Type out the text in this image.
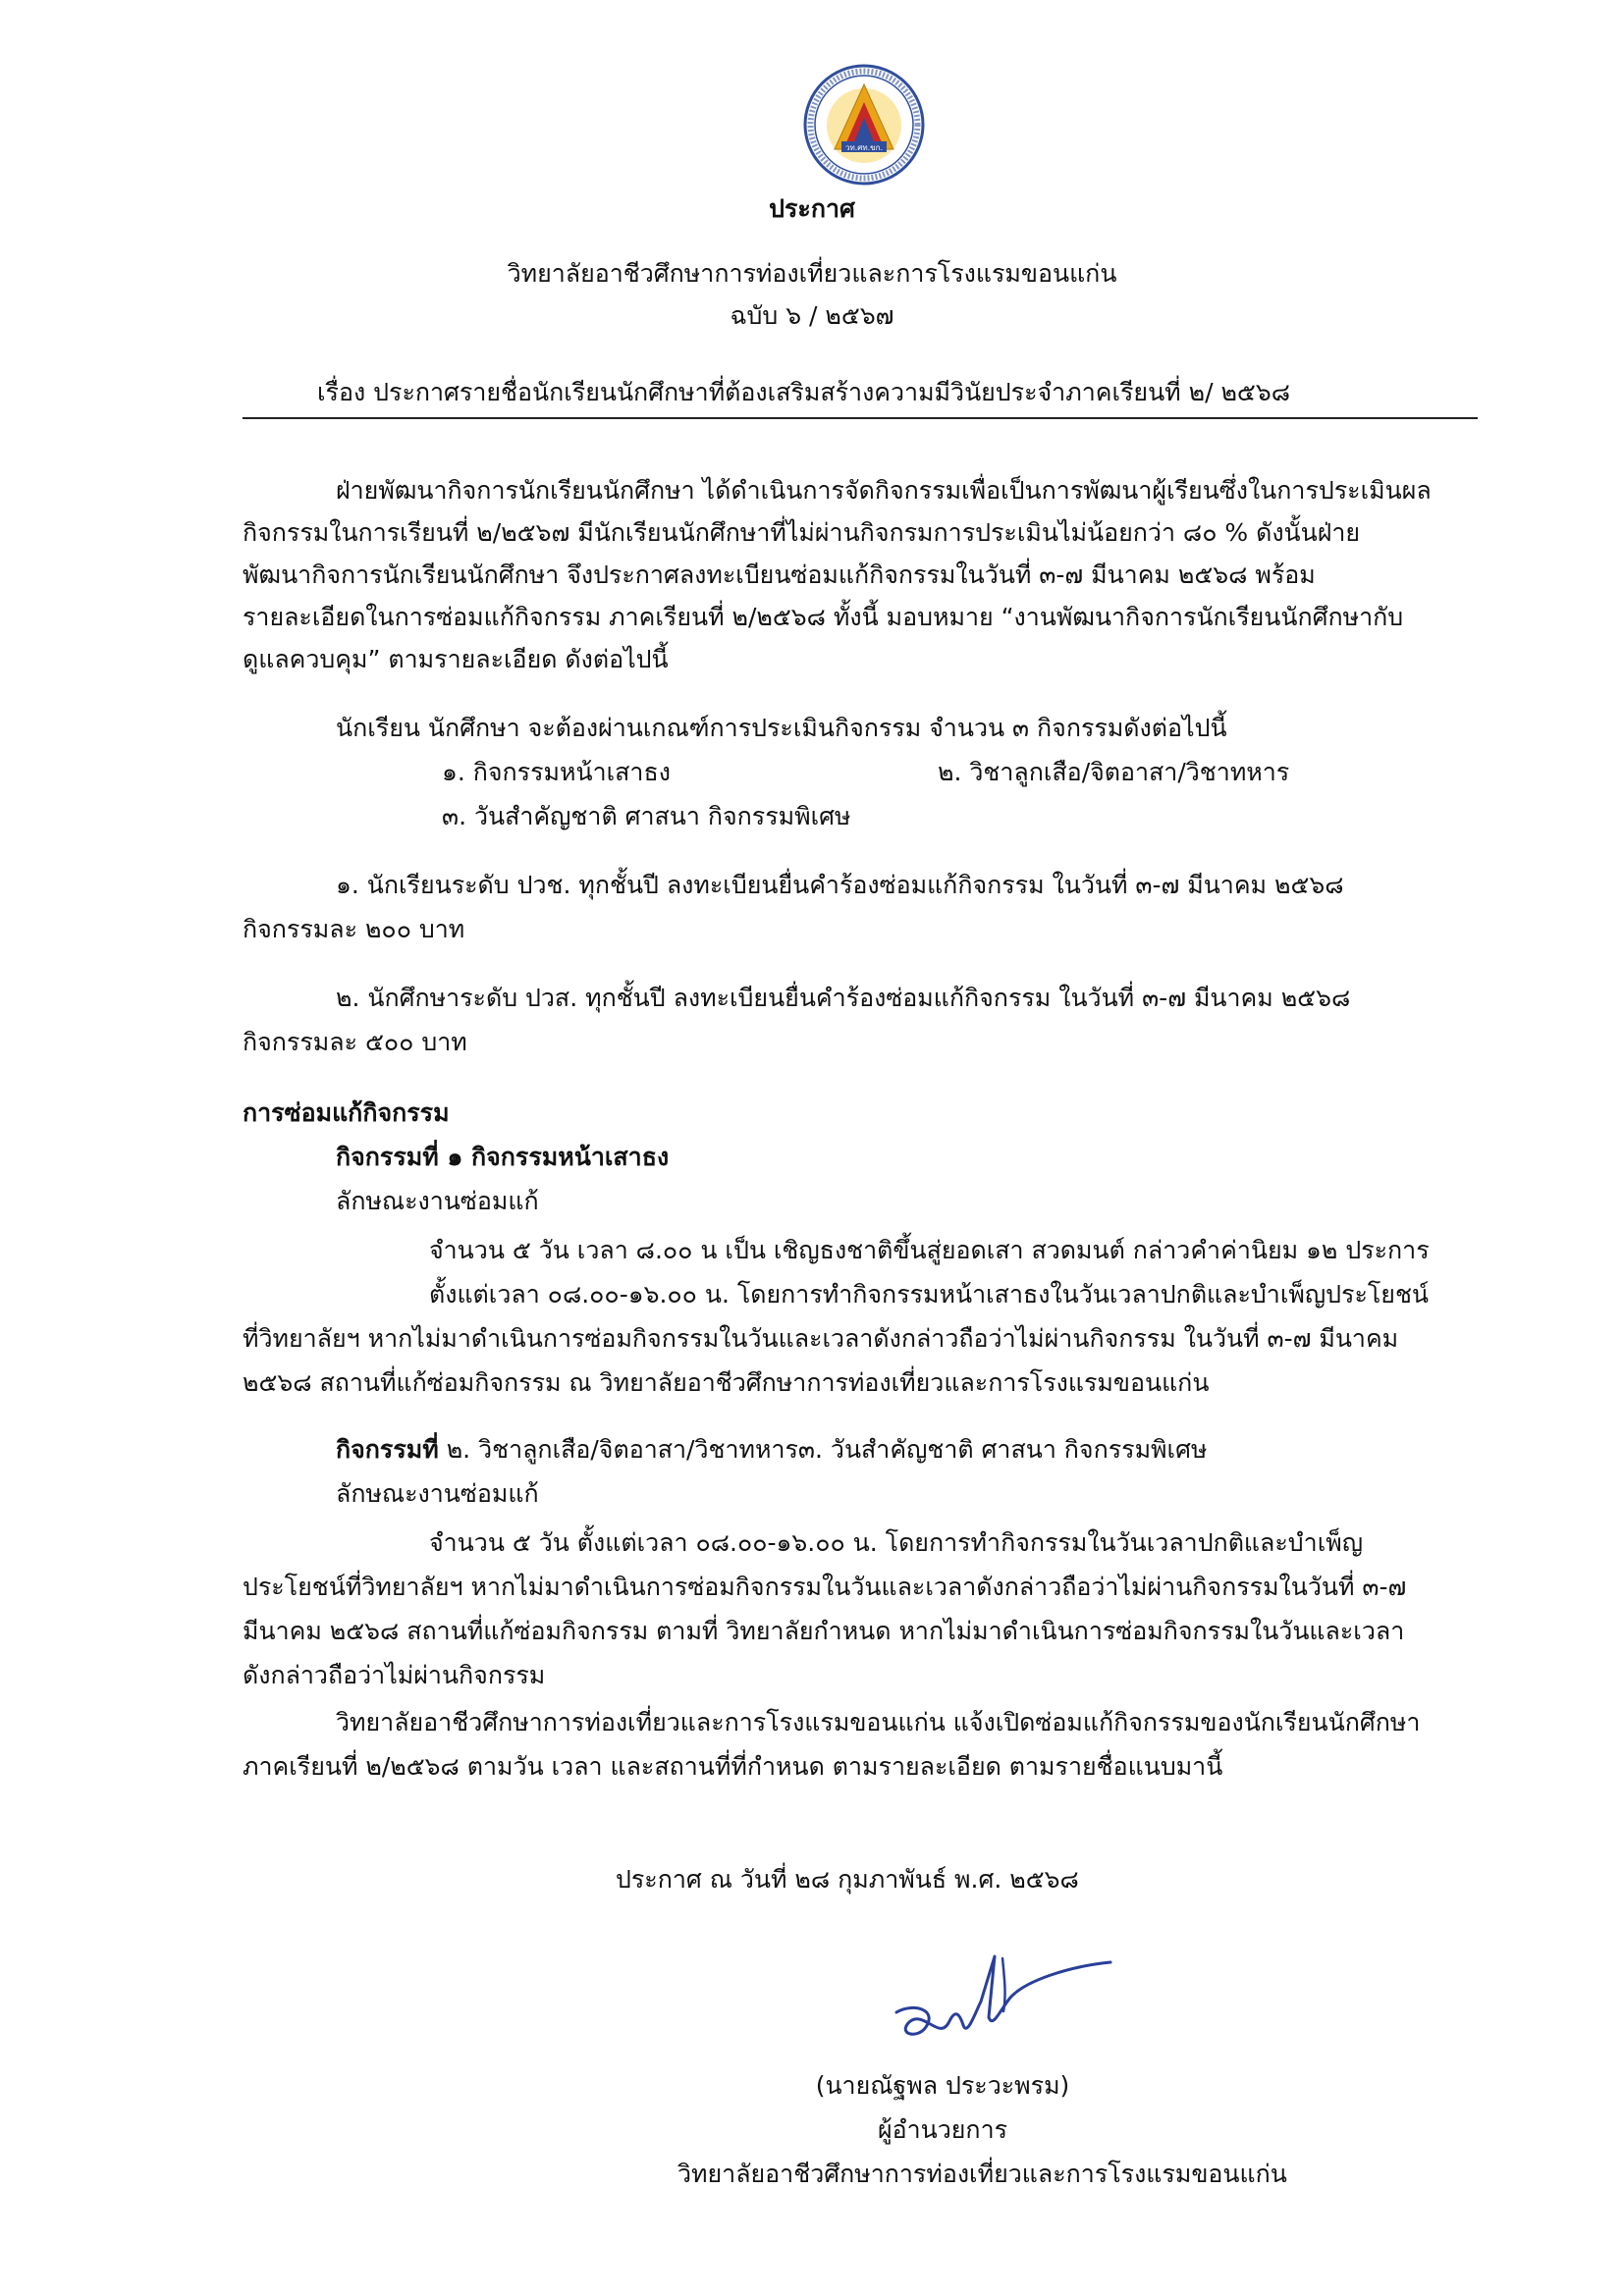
วท.ศท.ขก.
ประกาศ
วิทยาลัยอาชีวศึกษาการท่องเที่ยวและการโรงแรมขอนแก่น
ฉบับ ๖ / ๒๕๖๗
เรื่อง ประกาศรายชื่อนักเรียนนักศึกษาที่ต้องเสริมสร้างความมีวินัยประจำภาคเรียนที่ ๒/ ๒๕๖๘
ฝ่ายพัฒนากิจการนักเรียนนักศึกษา ได้ดำเนินการจัดกิจกรรมเพื่อเป็นการพัฒนาผู้เรียนซึ่งในการประเมินผล
กิจกรรมในการเรียนที่ ๒/๒๕๖๗ มีนักเรียนนักศึกษาที่ไม่ผ่านกิจกรมการประเมินไม่น้อยกว่า ๘๐ % ดังนั้นฝ่าย
พัฒนากิจการนักเรียนนักศึกษา จึงประกาศลงทะเบียนซ่อมแก้กิจกรรมในวันที่ ๓-๗ มีนาคม ๒๕๖๘ พร้อม
รายละเอียดในการซ่อมแก้กิจกรรม ภาคเรียนที่ ๒/๒๕๖๘ ทั้งนี้ มอบหมาย “งานพัฒนากิจการนักเรียนนักศึกษากับ
ดูแลควบคุม” ตามรายละเอียด ดังต่อไปนี้
นักเรียน นักศึกษา จะต้องผ่านเกณฑ์การประเมินกิจกรรม จำนวน ๓ กิจกรรมดังต่อไปนี้
๑. กิจกรรมหน้าเสาธง	๒. วิชาลูกเสือ/จิตอาสา/วิชาทหาร
๓. วันสำคัญชาติ ศาสนา กิจกรรมพิเศษ
๑. นักเรียนระดับ ปวช. ทุกชั้นปี ลงทะเบียนยื่นคำร้องซ่อมแก้กิจกรรม ในวันที่ ๓-๗ มีนาคม ๒๕๖๘
กิจกรรมละ ๒๐๐ บาท
๒. นักศึกษาระดับ ปวส. ทุกชั้นปี ลงทะเบียนยื่นคำร้องซ่อมแก้กิจกรรม ในวันที่ ๓-๗ มีนาคม ๒๕๖๘
กิจกรรมละ ๕๐๐ บาท
การซ่อมแก้กิจกรรม
กิจกรรมที่ ๑ กิจกรรมหน้าเสาธง
ลักษณะงานซ่อมแก้
จำนวน ๕ วัน เวลา ๘.๐๐ น เป็น เชิญธงชาติขึ้นสู่ยอดเสา สวดมนต์ กล่าวคำค่านิยม ๑๒ ประการ
ตั้งแต่เวลา ๐๘.๐๐-๑๖.๐๐ น. โดยการทำกิจกรรมหน้าเสาธงในวันเวลาปกติและบำเพ็ญประโยชน์
ที่วิทยาลัยฯ หากไม่มาดำเนินการซ่อมกิจกรรมในวันและเวลาดังกล่าวถือว่าไม่ผ่านกิจกรรม ในวันที่ ๓-๗ มีนาคม
๒๕๖๘ สถานที่แก้ซ่อมกิจกรรม ณ วิทยาลัยอาชีวศึกษาการท่องเที่ยวและการโรงแรมขอนแก่น
กิจกรรมที่ ๒. วิชาลูกเสือ/จิตอาสา/วิชาทหาร๓. วันสำคัญชาติ ศาสนา กิจกรรมพิเศษ
ลักษณะงานซ่อมแก้
จำนวน ๕ วัน ตั้งแต่เวลา ๐๘.๐๐-๑๖.๐๐ น. โดยการทำกิจกรรมในวันเวลาปกติและบำเพ็ญ
ประโยชน์ที่วิทยาลัยฯ หากไม่มาดำเนินการซ่อมกิจกรรมในวันและเวลาดังกล่าวถือว่าไม่ผ่านกิจกรรมในวันที่ ๓-๗
มีนาคม ๒๕๖๘ สถานที่แก้ซ่อมกิจกรรม ตามที่ วิทยาลัยกำหนด หากไม่มาดำเนินการซ่อมกิจกรรมในวันและเวลา
ดังกล่าวถือว่าไม่ผ่านกิจกรรม
วิทยาลัยอาชีวศึกษาการท่องเที่ยวและการโรงแรมขอนแก่น แจ้งเปิดซ่อมแก้กิจกรรมของนักเรียนนักศึกษา
ภาคเรียนที่ ๒/๒๕๖๘ ตามวัน เวลา และสถานที่ที่กำหนด ตามรายละเอียด ตามรายชื่อแนบมานี้
ประกาศ ณ วันที่ ๒๘ กุมภาพันธ์ พ.ศ. ๒๕๖๘
(นายณัฐพล ประวะพรม)
ผู้อำนวยการ
วิทยาลัยอาชีวศึกษาการท่องเที่ยวและการโรงแรมขอนแก่น
